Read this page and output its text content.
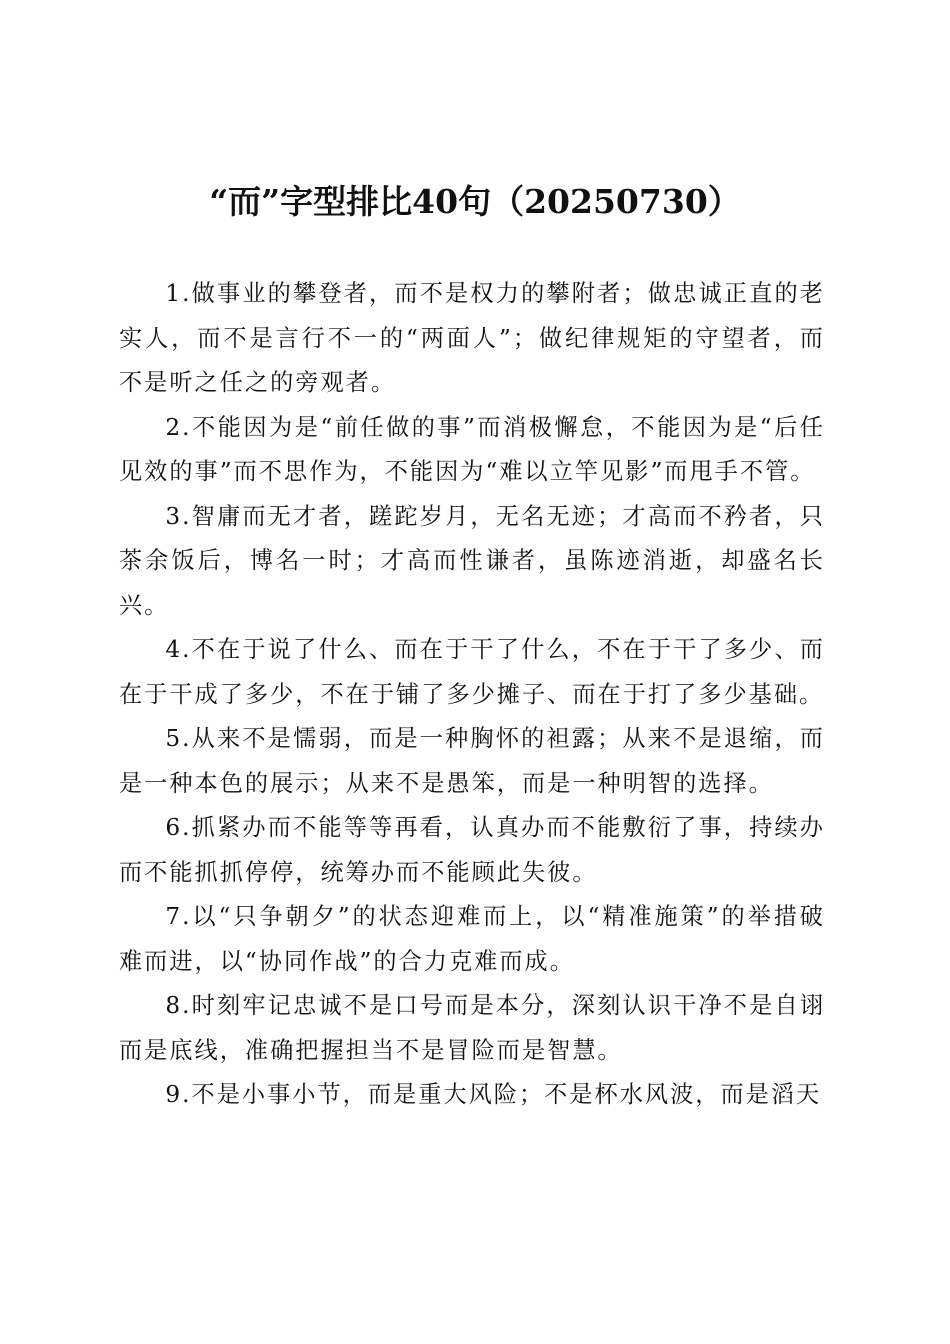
“而”字型排比40句（20250730）

1.做事业的攀登者，而不是权力的攀附者；做忠诚正直的老实人，而不是言行不一的“两面人”；做纪律规矩的守望者，而不是听之任之的旁观者。

2.不能因为是“前任做的事”而消极懈怠，不能因为是“后任见效的事”而不思作为，不能因为“难以立竿见影”而甩手不管。

3.智庸而无才者，蹉跎岁月，无名无迹；才高而不矜者，只茶余饭后，博名一时；才高而性谦者，虽陈迹消逝，却盛名长兴。

4.不在于说了什么、而在于干了什么，不在于干了多少、而在于干成了多少，不在于铺了多少摊子、而在于打了多少基础。

5.从来不是懦弱，而是一种胸怀的袒露；从来不是退缩，而是一种本色的展示；从来不是愚笨，而是一种明智的选择。

6.抓紧办而不能等等再看，认真办而不能敷衍了事，持续办而不能抓抓停停，统筹办而不能顾此失彼。

7.以“只争朝夕”的状态迎难而上，以“精准施策”的举措破难而进，以“协同作战”的合力克难而成。

8.时刻牢记忠诚不是口号而是本分，深刻认识干净不是自诩而是底线，准确把握担当不是冒险而是智慧。

9.不是小事小节，而是重大风险；不是杯水风波，而是滔天
